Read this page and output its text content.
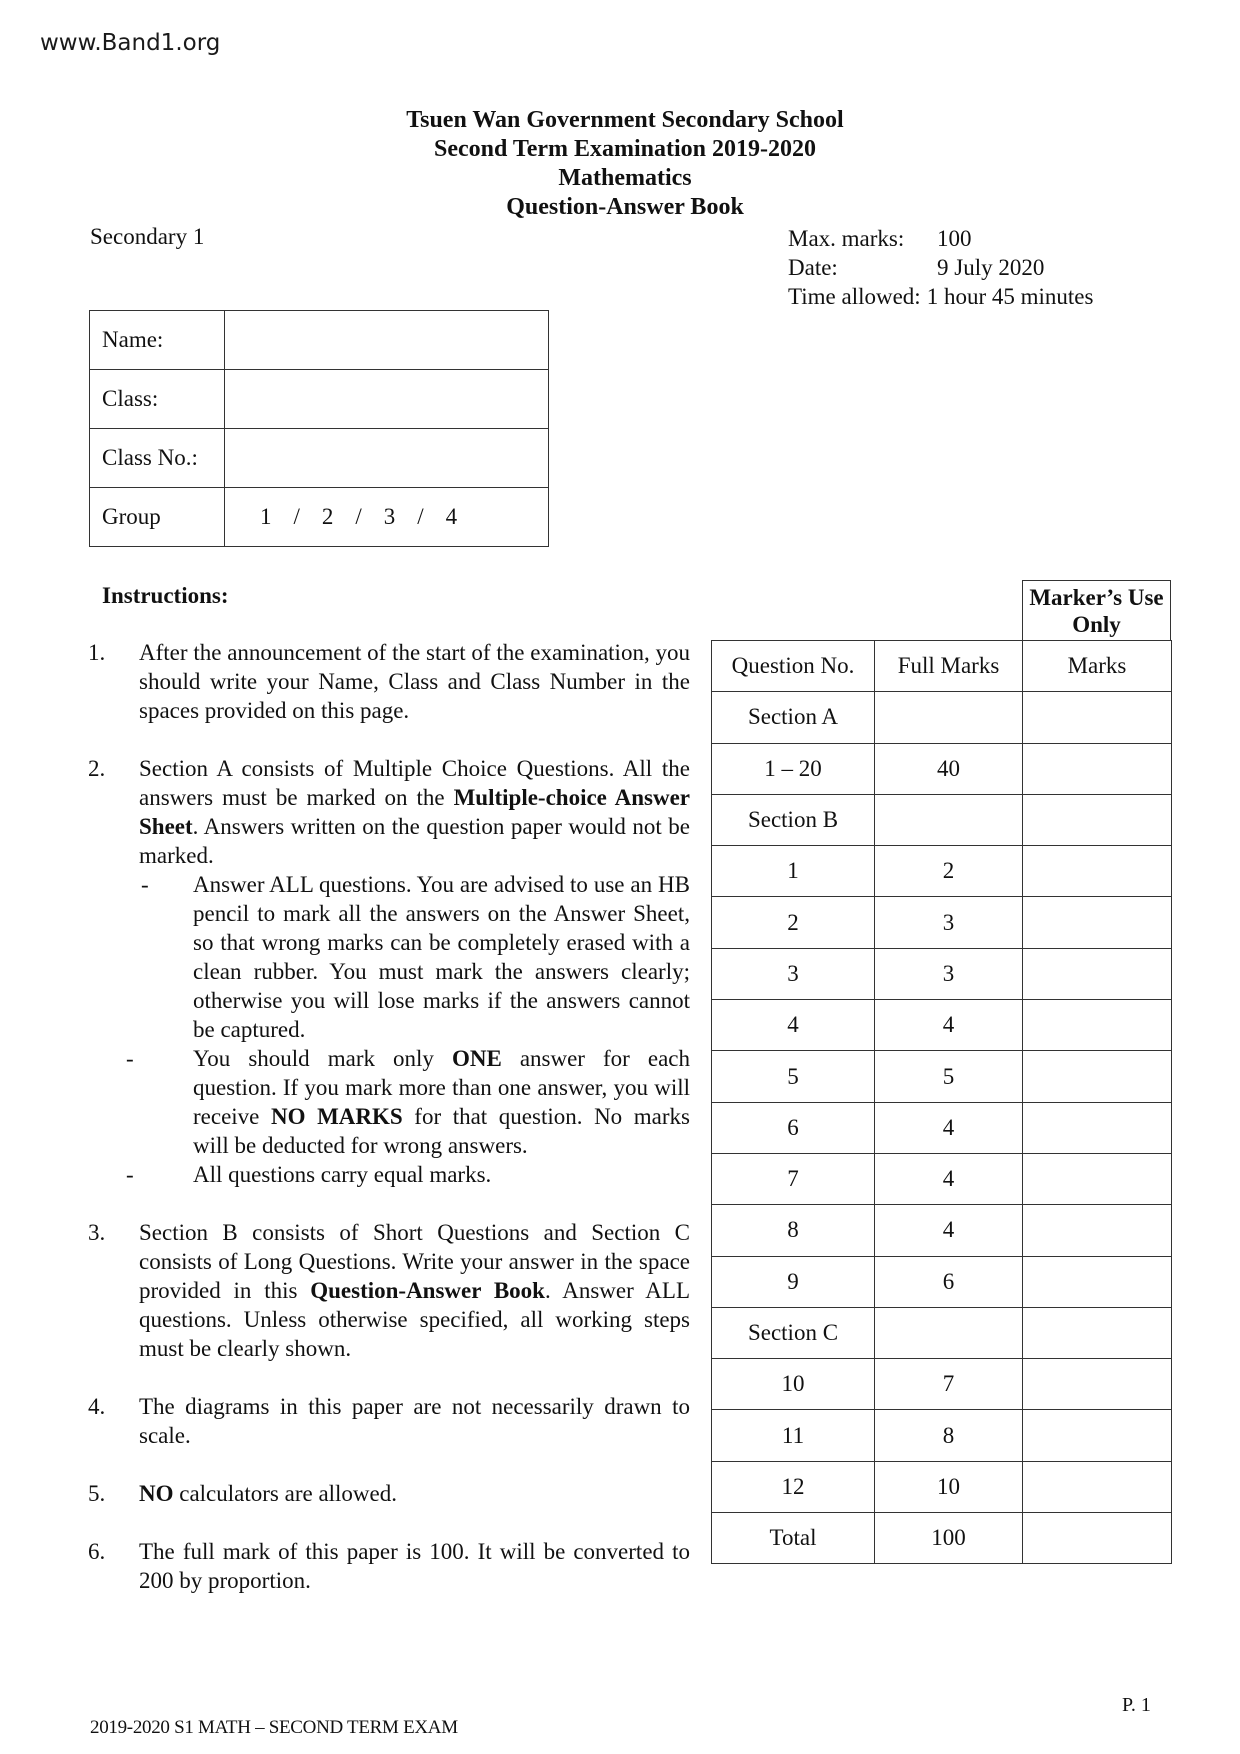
www.Band1.org
Tsuen Wan Government Secondary School
Second Term Examination 2019-2020
Mathematics
Question-Answer Book
Secondary 1	Max. marks:	100
Date:	9 July 2020
Time allowed: 1 hour 45 minutes
Name:	
Class:	
Class No.:	
Group	1 / 2 / 3 / 4
Instructions:
1.	After the announcement of the start of the examination, you should write your Name, Class and Class Number in the spaces provided on this page.
2.	Section A consists of Multiple Choice Questions. All the answers must be marked on the Multiple-choice Answer Sheet. Answers written on the question paper would not be marked.

-	Answer ALL questions. You are advised to use an HB pencil to mark all the answers on the Answer Sheet, so that wrong marks can be completely erased with a clean rubber. You must mark the answers clearly; otherwise you will lose marks if the answers cannot be captured.
-	You should mark only ONE answer for each question. If you mark more than one answer, you will receive NO MARKS for that question. No marks will be deducted for wrong answers.
-	All questions carry equal marks.
3.	Section B consists of Short Questions and Section C consists of Long Questions. Write your answer in the space provided in this Question-Answer Book. Answer ALL questions. Unless otherwise specified, all working steps must be clearly shown.
4.	The diagrams in this paper are not necessarily drawn to scale.
5.	NO calculators are allowed.
6.	The full mark of this paper is 100. It will be converted to 200 by proportion.
Marker’s Use Only
Question No.	Full Marks	Marks
Section A		
1 – 20	40	
Section B		
1	2	
2	3	
3	3	
4	4	
5	5	
6	4	
7	4	
8	4	
9	6	
Section C		
10	7	
11	8	
12	10	
Total	100	
P. 1
2019-2020 S1 MATH – SECOND TERM EXAM
